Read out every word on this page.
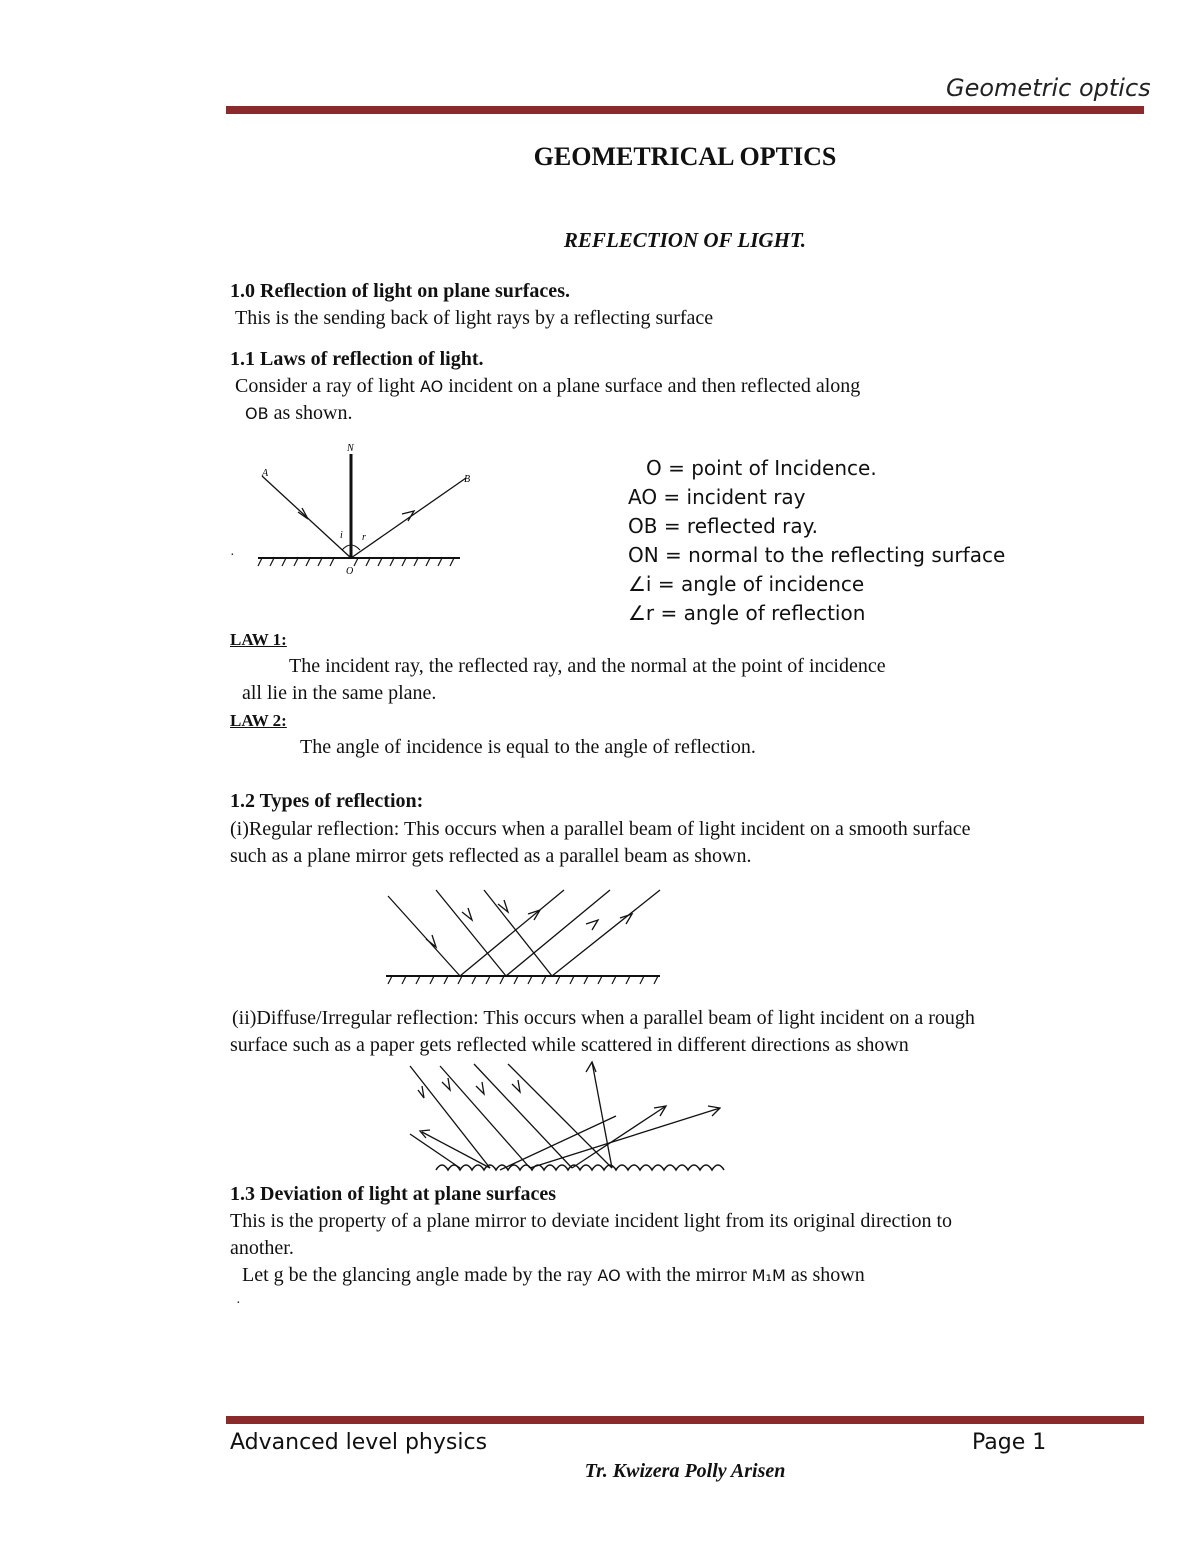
Geometric optics
GEOMETRICAL OPTICS
REFLECTION OF LIGHT.
1.0 Reflection of light on plane surfaces.
This is the sending back of light rays by a reflecting surface
1.1 Laws of reflection of light.
Consider a ray of light AO incident on a plane surface and then reflected along
OB as shown.
N
A
B
O
i r
·
O = point of Incidence.
AO = incident ray
OB = reflected ray.
ON = normal to the reflecting surface
∠i = angle of incidence
∠r = angle of reflection
LAW 1:
The incident ray, the reflected ray, and the normal at the point of incidence
all lie in the same plane.
LAW 2:
The angle of incidence is equal to the angle of reflection.
1.2 Types of reflection:
(i)Regular reflection: This occurs when a parallel beam of light incident on a smooth surface
such as a plane mirror gets reflected as a parallel beam as shown.
(ii)Diffuse/Irregular reflection: This occurs when a parallel beam of light incident on a rough
surface such as a paper gets reflected while scattered in different directions as shown
1.3 Deviation of light at plane surfaces
This is the property of a plane mirror to deviate incident light from its original direction to
another.
Let g be the glancing angle made by the ray AO with the mirror M₁M as shown
·
Advanced level physics	Page 1
Tr. Kwizera Polly Arisen
